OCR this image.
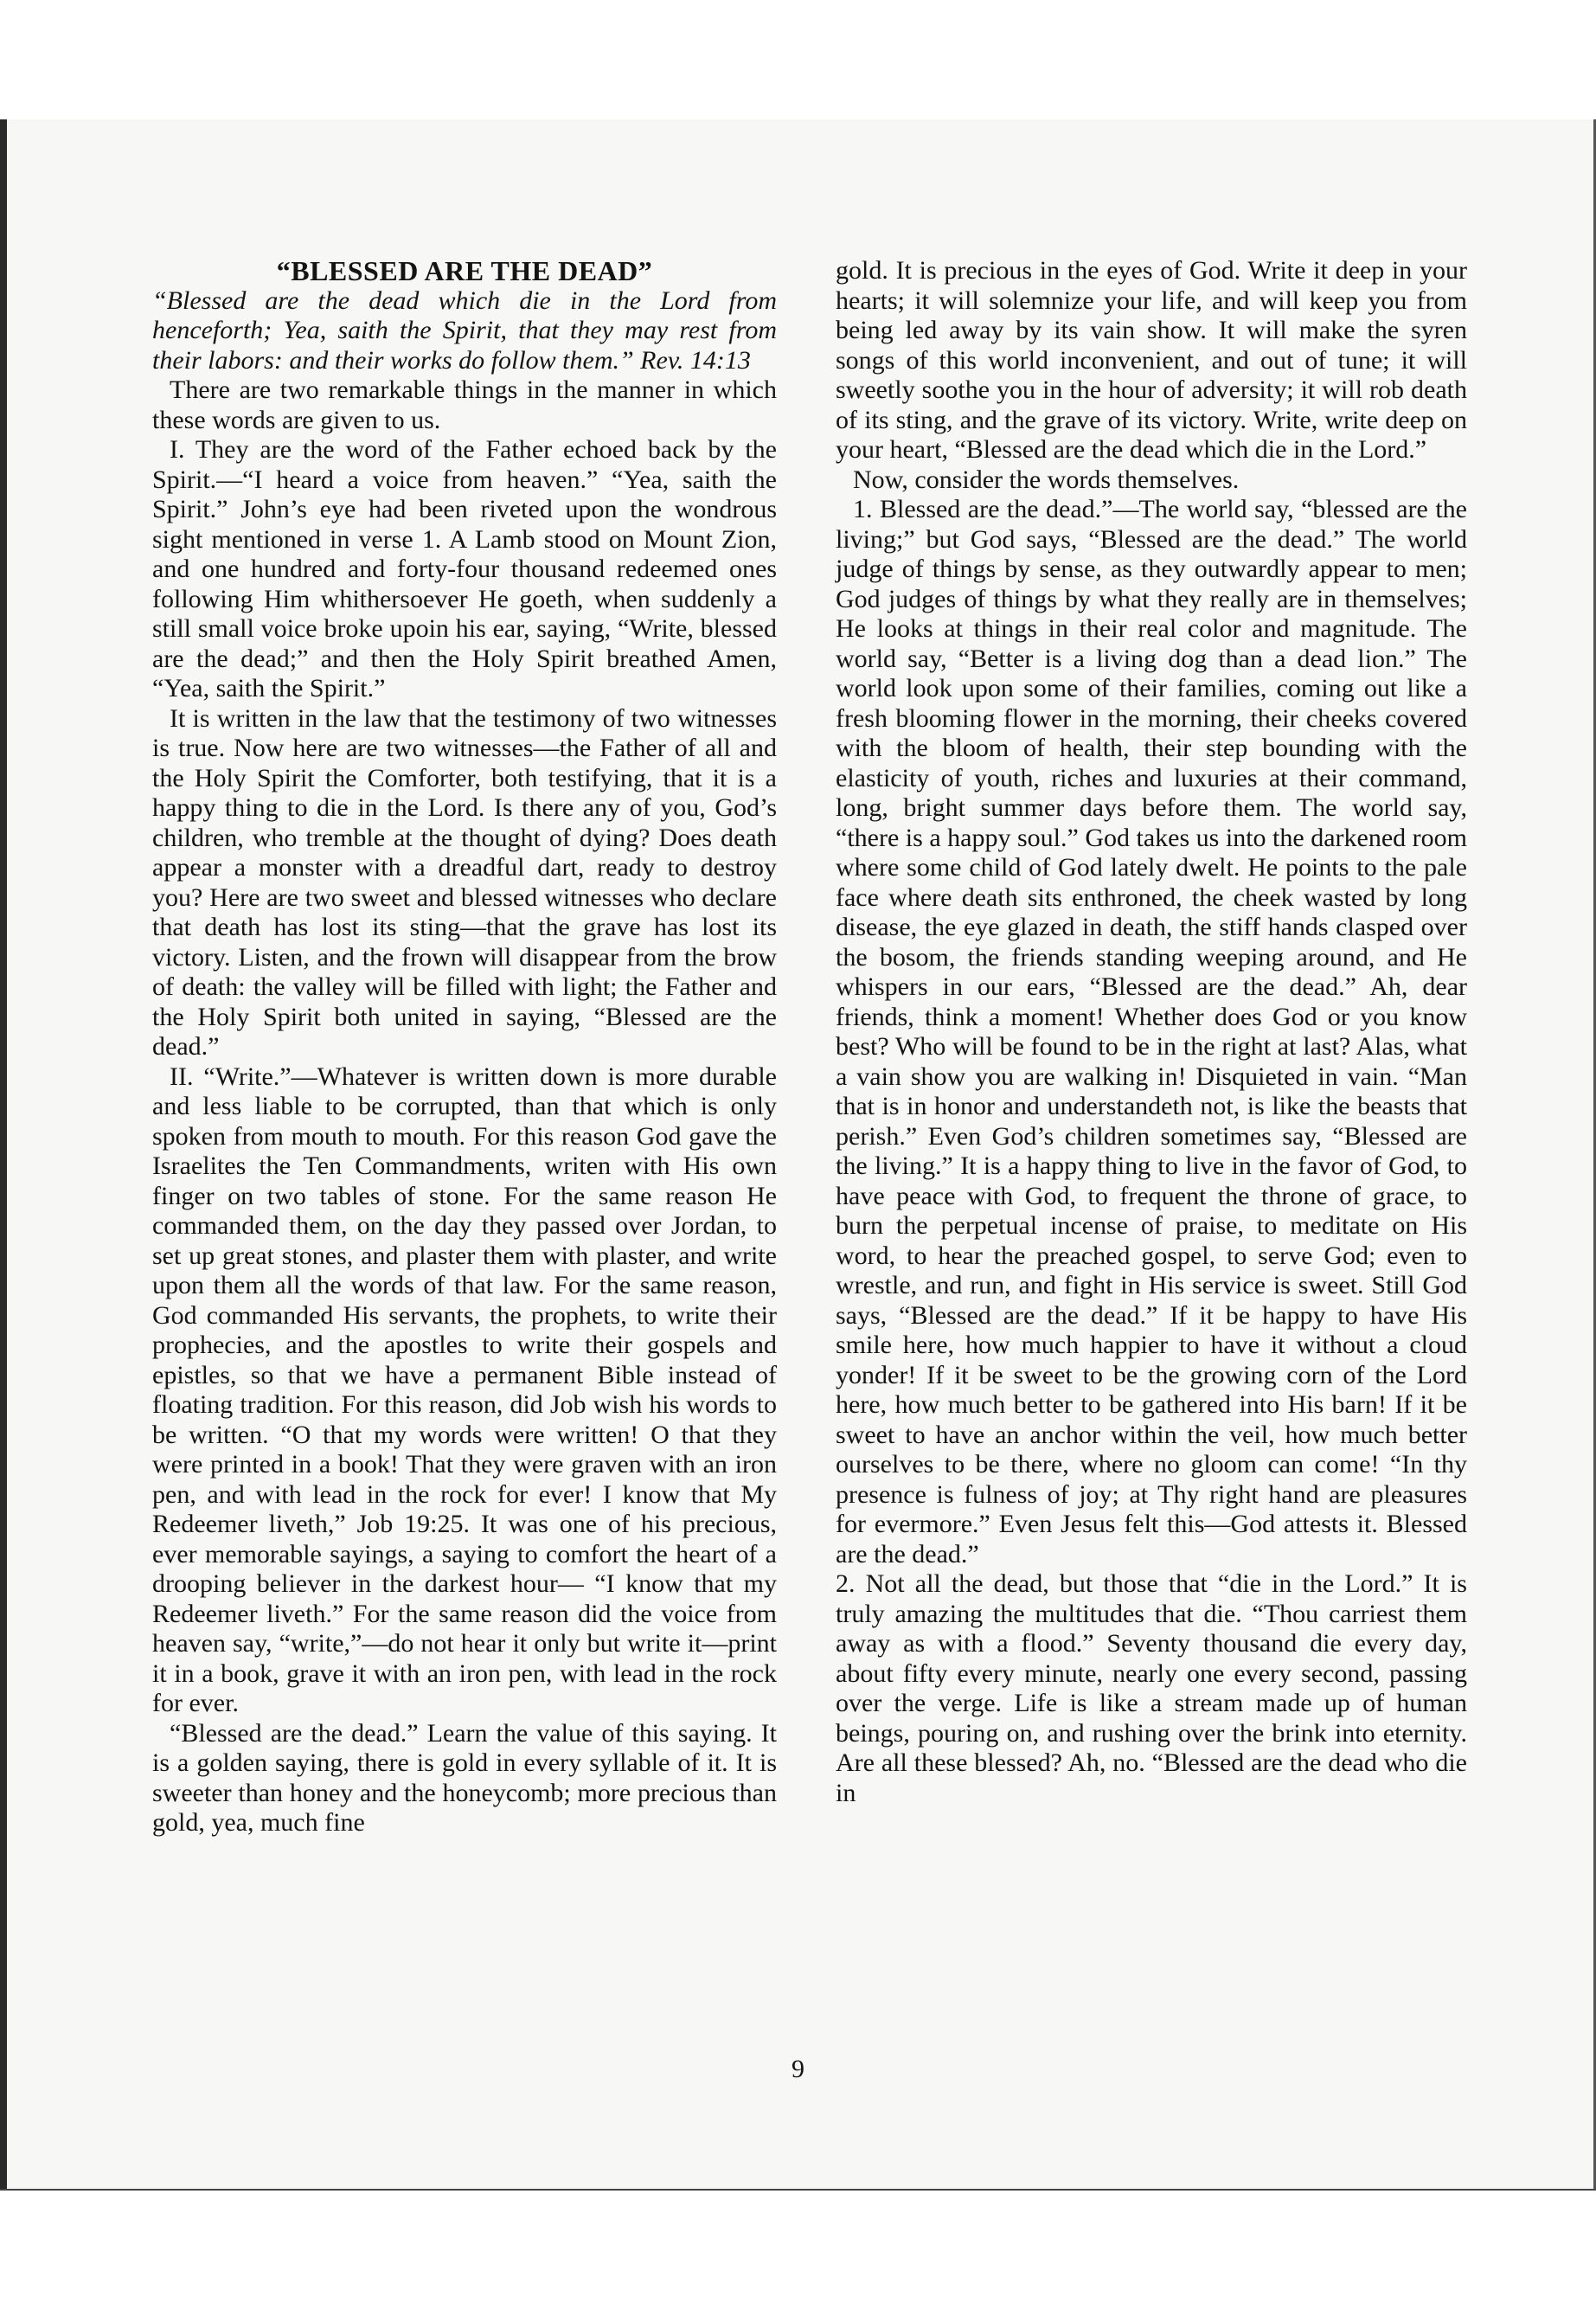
“BLESSED ARE THE DEAD”

“Blessed are the dead which die in the Lord from henceforth; Yea, saith the Spirit, that they may rest from their labors: and their works do follow them.” Rev. 14:13

There are two remarkable things in the manner in which these words are given to us.

I. They are the word of the Father echoed back by the Spirit.—“I heard a voice from heaven.” “Yea, saith the Spirit.” John’s eye had been riveted upon the wondrous sight mentioned in verse 1. A Lamb stood on Mount Zion, and one hundred and forty-four thousand redeemed ones following Him whithersoever He goeth, when suddenly a still small voice broke upoin his ear, saying, “Write, blessed are the dead;” and then the Holy Spirit breathed Amen, “Yea, saith the Spirit.”

It is written in the law that the testimony of two witnesses is true. Now here are two witnesses—the Father of all and the Holy Spirit the Comforter, both testifying, that it is a happy thing to die in the Lord. Is there any of you, God’s children, who tremble at the thought of dying? Does death appear a monster with a dreadful dart, ready to destroy you? Here are two sweet and blessed witnesses who declare that death has lost its sting—that the grave has lost its victory. Listen, and the frown will disappear from the brow of death: the valley will be filled with light; the Father and the Holy Spirit both united in saying, “Blessed are the dead.”

II. “Write.”—Whatever is written down is more durable and less liable to be corrupted, than that which is only spoken from mouth to mouth. For this reason God gave the Israelites the Ten Commandments, writen with His own finger on two tables of stone. For the same reason He commanded them, on the day they passed over Jordan, to set up great stones, and plaster them with plaster, and write upon them all the words of that law. For the same reason, God commanded His servants, the prophets, to write their prophecies, and the apostles to write their gospels and epistles, so that we have a permanent Bible instead of floating tradition. For this reason, did Job wish his words to be written. “O that my words were written! O that they were printed in a book! That they were graven with an iron pen, and with lead in the rock for ever! I know that My Redeemer liveth,” Job 19:25. It was one of his precious, ever memorable sayings, a saying to comfort the heart of a drooping believer in the darkest hour— “I know that my Redeemer liveth.” For the same reason did the voice from heaven say, “write,”—do not hear it only but write it—print it in a book, grave it with an iron pen, with lead in the rock for ever.

“Blessed are the dead.” Learn the value of this saying. It is a golden saying, there is gold in every syllable of it. It is sweeter than honey and the honeycomb; more precious than gold, yea, much fine

gold. It is precious in the eyes of God. Write it deep in your hearts; it will solemnize your life, and will keep you from being led away by its vain show. It will make the syren songs of this world inconvenient, and out of tune; it will sweetly soothe you in the hour of adversity; it will rob death of its sting, and the grave of its victory. Write, write deep on your heart, “Blessed are the dead which die in the Lord.”

Now, consider the words themselves.

1. Blessed are the dead.”—The world say, “blessed are the living;” but God says, “Blessed are the dead.” The world judge of things by sense, as they outwardly appear to men; God judges of things by what they really are in themselves; He looks at things in their real color and magnitude. The world say, “Better is a living dog than a dead lion.” The world look upon some of their families, coming out like a fresh blooming flower in the morning, their cheeks covered with the bloom of health, their step bounding with the elasticity of youth, riches and luxuries at their command, long, bright summer days before them. The world say, “there is a happy soul.” God takes us into the darkened room where some child of God lately dwelt. He points to the pale face where death sits enthroned, the cheek wasted by long disease, the eye glazed in death, the stiff hands clasped over the bosom, the friends standing weeping around, and He whispers in our ears, “Blessed are the dead.” Ah, dear friends, think a moment! Whether does God or you know best? Who will be found to be in the right at last? Alas, what a vain show you are walking in! Disquieted in vain. “Man that is in honor and understandeth not, is like the beasts that perish.” Even God’s children sometimes say, “Blessed are the living.” It is a happy thing to live in the favor of God, to have peace with God, to frequent the throne of grace, to burn the perpetual incense of praise, to meditate on His word, to hear the preached gospel, to serve God; even to wrestle, and run, and fight in His service is sweet. Still God says, “Blessed are the dead.” If it be happy to have His smile here, how much happier to have it without a cloud yonder! If it be sweet to be the growing corn of the Lord here, how much better to be gathered into His barn! If it be sweet to have an anchor within the veil, how much better ourselves to be there, where no gloom can come! “In thy presence is fulness of joy; at Thy right hand are pleasures for evermore.” Even Jesus felt this—God attests it. Blessed are the dead.”

2. Not all the dead, but those that “die in the Lord.” It is truly amazing the multitudes that die. “Thou carriest them away as with a flood.” Seventy thousand die every day, about fifty every minute, nearly one every second, passing over the verge. Life is like a stream made up of human beings, pouring on, and rushing over the brink into eternity. Are all these blessed? Ah, no. “Blessed are the dead who die in

9
